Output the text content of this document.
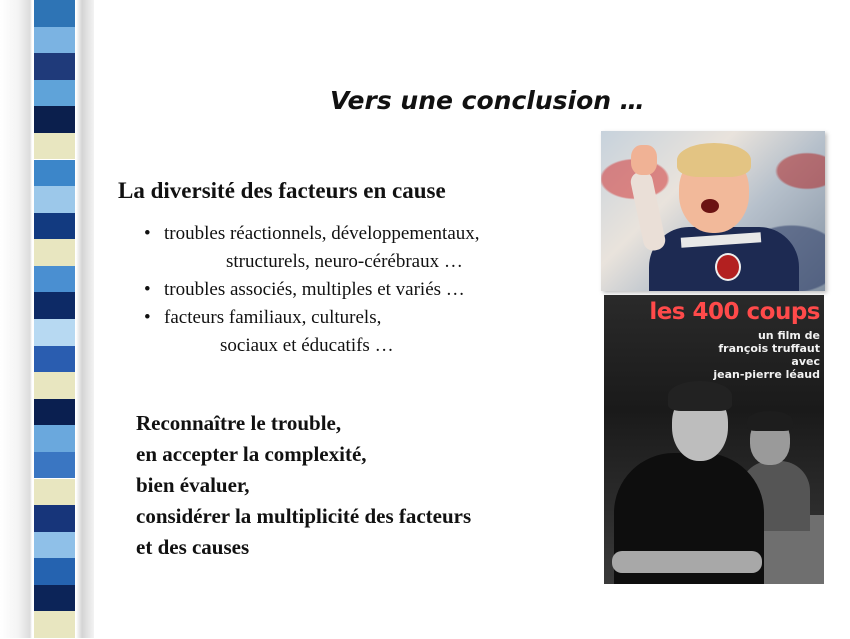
Vers une conclusion …
La diversité des facteurs en cause
• troubles réactionnels, développementaux,
structurels, neuro-cérébraux …
• troubles associés, multiples et variés …
• facteurs familiaux, culturels,
sociaux et éducatifs …
Reconnaître le trouble,
en accepter la complexité,
bien évaluer,
considérer la multiplicité des facteurs
et des causes
les 400 coups
un film de
françois truffaut
avec
jean-pierre léaud
